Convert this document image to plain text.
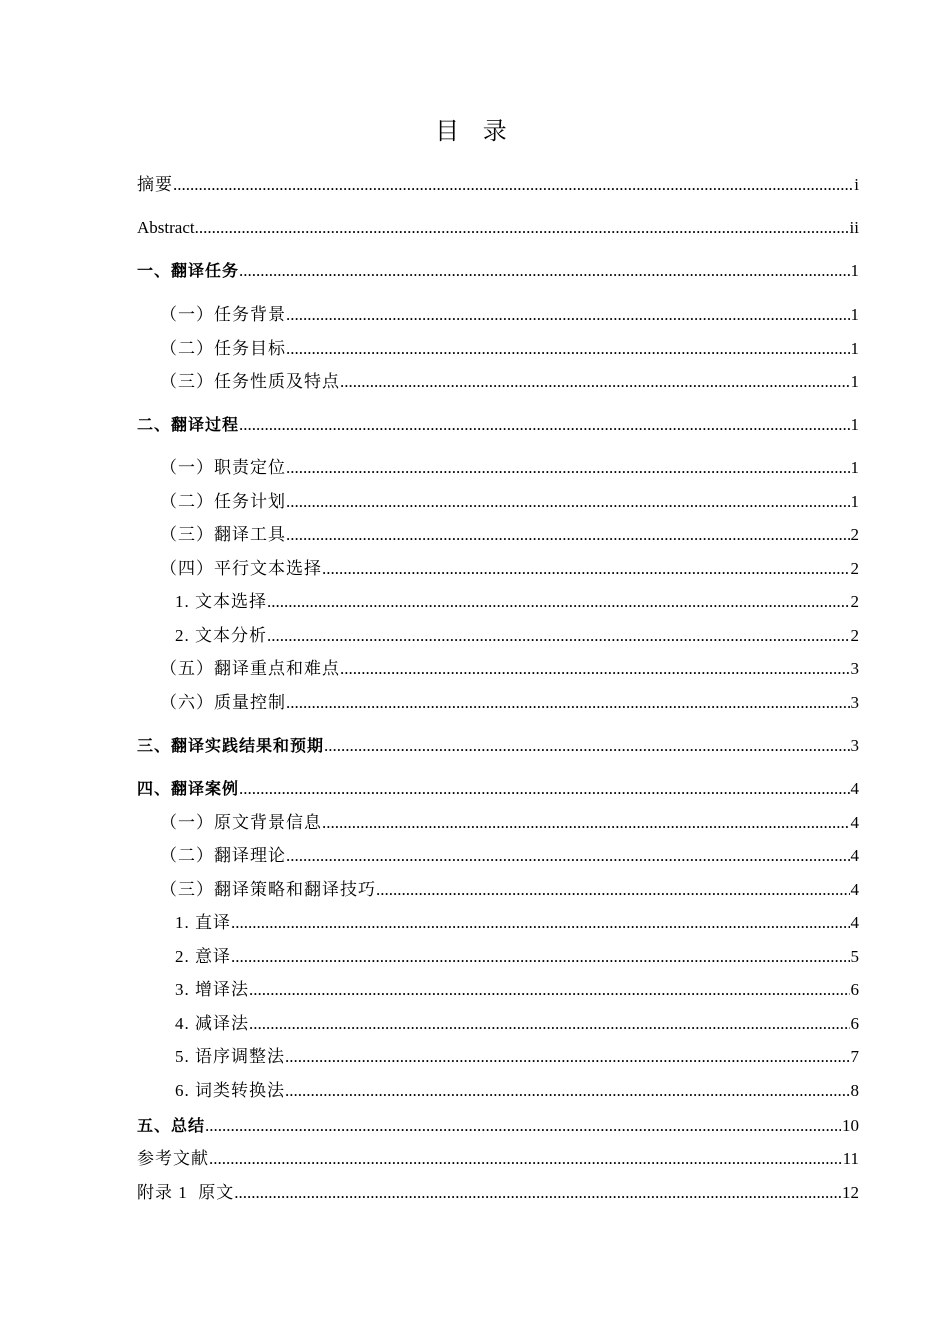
目 录
摘要 .....	i
Abstract .....	ii
一、翻译任务 .....	1
（一）任务背景 .....	1
（二）任务目标 .....	1
（三）任务性质及特点 .....	1
二、翻译过程 .....	1
（一）职责定位 .....	1
（二）任务计划 .....	1
（三）翻译工具 .....	2
（四）平行文本选择 .....	2
1. 文本选择 .....	2
2. 文本分析 .....	2
（五）翻译重点和难点 .....	3
（六）质量控制 .....	3
三、翻译实践结果和预期 .....	3
四、翻译案例 .....	4
（一）原文背景信息 .....	4
（二）翻译理论 .....	4
（三）翻译策略和翻译技巧 .....	4
1. 直译 .....	4
2. 意译 .....	5
3. 增译法 .....	6
4. 减译法 .....	6
5. 语序调整法 .....	7
6. 词类转换法 .....	8
五、总结 .....	10
参考文献 .....	11
附录 1  原文 .....	12
